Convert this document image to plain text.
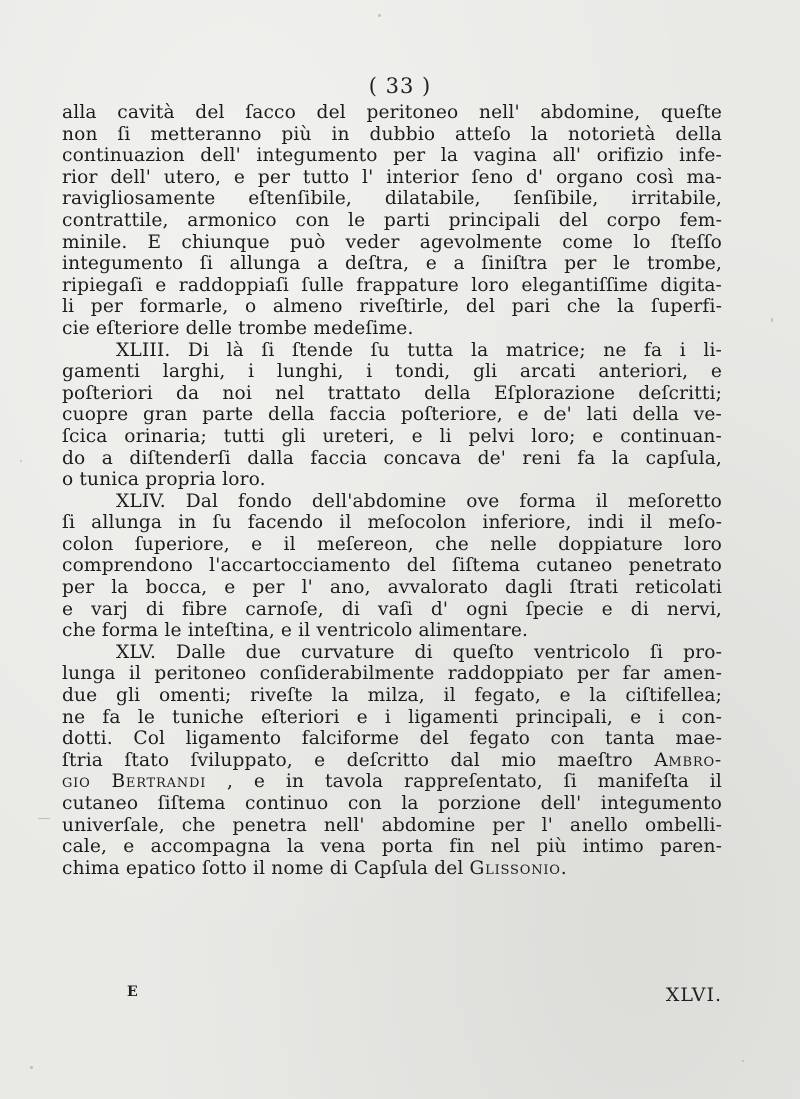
( 33 )
alla cavità del ſacco del peritoneo nell' abdomine, queſte
non ſi metteranno più in dubbio atteſo la notorietà della
continuazion dell' integumento per la vagina all' orifizio infe-
rior dell' utero, e per tutto l' interior ſeno d' organo così ma-
ravigliosamente eſtenſibile, dilatabile, ſenſibile, irritabile,
contrattile, armonico con le parti principali del corpo fem-
minile. E chiunque può veder agevolmente come lo ſteſſo
integumento ſi allunga a deſtra, e a ſiniſtra per le trombe,
ripiegaſi e raddoppiaſi ſulle frappature loro elegantiſſime digita-
li per formarle, o almeno riveſtirle, del pari che la ſuperfi-
cie eſteriore delle trombe medeſime.
XLIII. Di là ſi ſtende ſu tutta la matrice; ne fa i li-
gamenti larghi, i lunghi, i tondi, gli arcati anteriori, e
poſteriori da noi nel trattato della Eſplorazione deſcritti;
cuopre gran parte della faccia poſteriore, e de' lati della ve-
ſcica orinaria; tutti gli ureteri, e li pelvi loro; e continuan-
do a diſtenderſi dalla faccia concava de' reni fa la capſula,
o tunica propria loro.
XLIV. Dal fondo dell'abdomine ove forma il meſoretto
ſi allunga in ſu facendo il meſocolon inferiore, indi il meſo-
colon ſuperiore, e il meſereon, che nelle doppiature loro
comprendono l'accartocciamento del ſiſtema cutaneo penetrato
per la bocca, e per l' ano, avvalorato dagli ſtrati reticolati
e varj di fibre carnoſe, di vaſi d' ogni ſpecie e di nervi,
che forma le inteſtina, e il ventricolo alimentare.
XLV. Dalle due curvature di queſto ventricolo ſi pro-
lunga il peritoneo conſiderabilmente raddoppiato per far amen-
due gli omenti; riveſte la milza, il fegato, e la ciſtifellea;
ne fa le tuniche eſteriori e i ligamenti principali, e i con-
dotti. Col ligamento falciforme del fegato con tanta mae-
ſtria ſtato ſviluppato, e deſcritto dal mio maeſtro Ambro-
gio Bertrandi , e in tavola rappreſentato, ſi manifeſta il
cutaneo ſiſtema continuo con la porzione dell' integumento
univerſale, che penetra nell' abdomine per l' anello ombelli-
cale, e accompagna la vena porta fin nel più intimo paren-
chima epatico ſotto il nome di Capſula del Glissonio.
E	XLVI.
